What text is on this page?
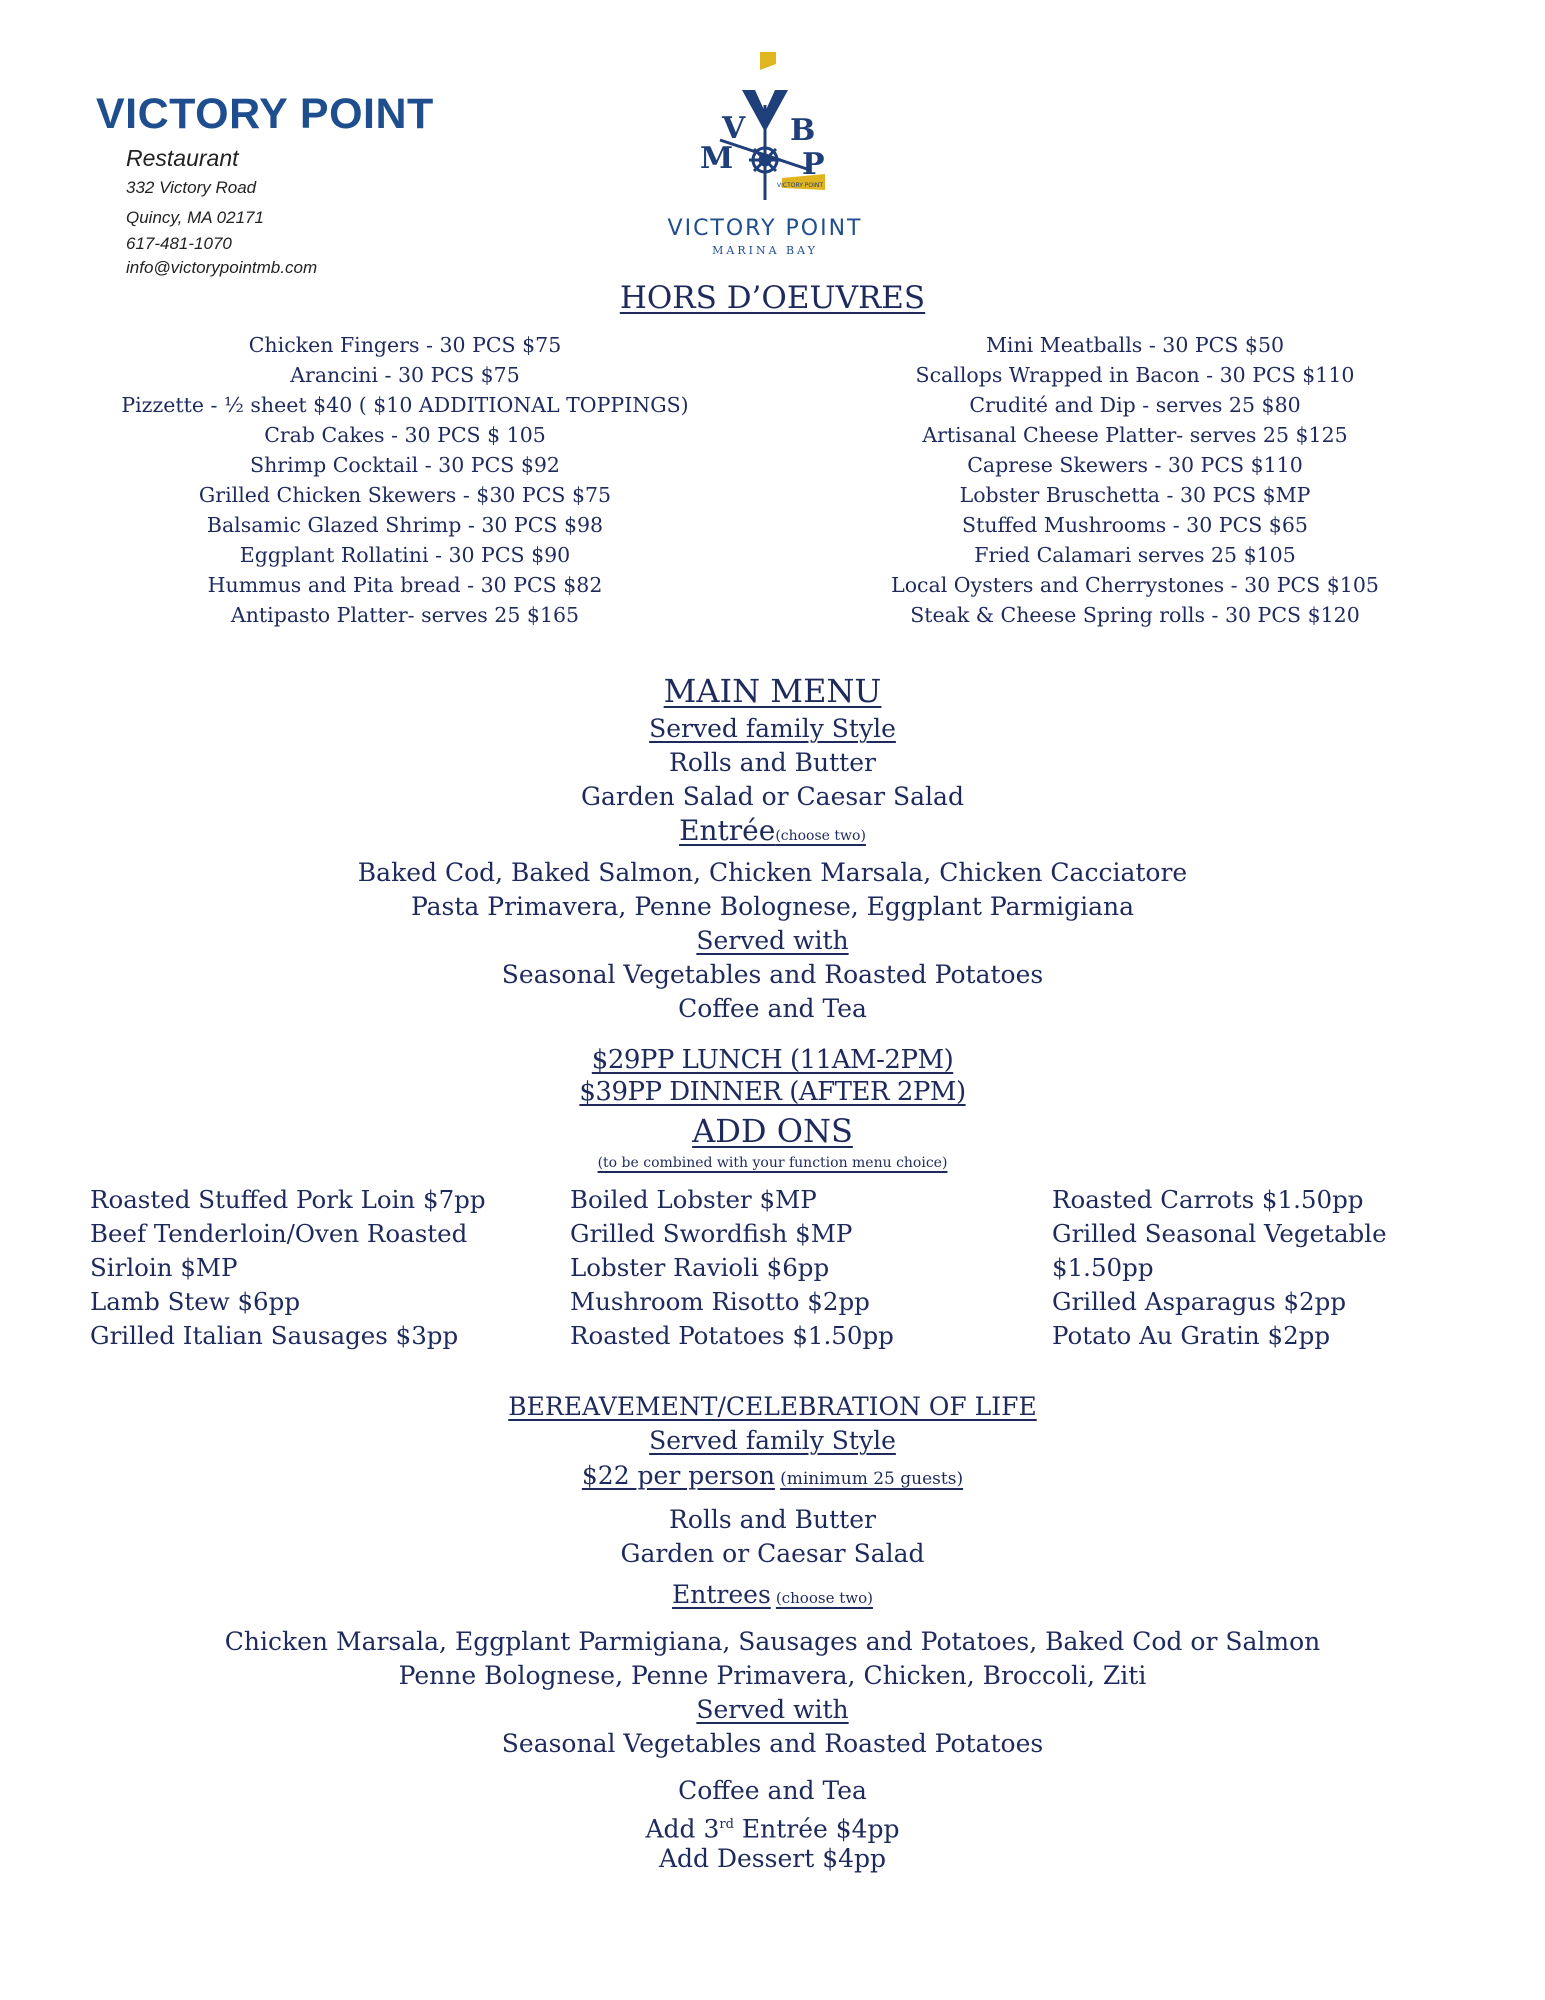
VICTORY POINT
Restaurant
332 Victory Road
Quincy, MA 02171
617-481-1070
info@victorypointmb.com
VICTORY POINT
V B
M P
VICTORY POINT
MARINA BAY
HORS D’OEUVRES
Chicken Fingers - 30 PCS $75
Arancini - 30 PCS $75
Pizzette - ½ sheet $40 ( $10 ADDITIONAL TOPPINGS)
Crab Cakes - 30 PCS $ 105
Shrimp Cocktail - 30 PCS $92
Grilled Chicken Skewers - $30 PCS $75
Balsamic Glazed Shrimp - 30 PCS $98
Eggplant Rollatini - 30 PCS $90
Hummus and Pita bread - 30 PCS $82
Antipasto Platter- serves 25 $165
Mini Meatballs - 30 PCS $50
Scallops Wrapped in Bacon - 30 PCS $110
Crudité and Dip - serves 25 $80
Artisanal Cheese Platter- serves 25 $125
Caprese Skewers - 30 PCS $110
Lobster Bruschetta - 30 PCS $MP
Stuffed Mushrooms - 30 PCS $65
Fried Calamari serves 25 $105
Local Oysters and Cherrystones - 30 PCS $105
Steak & Cheese Spring rolls - 30 PCS $120
MAIN MENU
Served family Style
Rolls and Butter
Garden Salad or Caesar Salad
Entrée(choose two)
Baked Cod, Baked Salmon, Chicken Marsala, Chicken Cacciatore
Pasta Primavera, Penne Bolognese, Eggplant Parmigiana
Served with
Seasonal Vegetables and Roasted Potatoes
Coffee and Tea
$29PP LUNCH (11AM-2PM)
$39PP DINNER (AFTER 2PM)
ADD ONS
(to be combined with your function menu choice)
Roasted Stuffed Pork Loin $7pp
Beef Tenderloin/Oven Roasted
Sirloin $MP
Lamb Stew $6pp
Grilled Italian Sausages $3pp
Boiled Lobster $MP
Grilled Swordfish $MP
Lobster Ravioli $6pp
Mushroom Risotto $2pp
Roasted Potatoes $1.50pp
Roasted Carrots $1.50pp
Grilled Seasonal Vegetable
$1.50pp
Grilled Asparagus $2pp
Potato Au Gratin $2pp
BEREAVEMENT/CELEBRATION OF LIFE
Served family Style
$22 per person (minimum 25 guests)
Rolls and Butter
Garden or Caesar Salad
Entrees (choose two)
Chicken Marsala, Eggplant Parmigiana, Sausages and Potatoes, Baked Cod or Salmon
Penne Bolognese, Penne Primavera, Chicken, Broccoli, Ziti
Served with
Seasonal Vegetables and Roasted Potatoes
Coffee and Tea
Add 3rd Entrée $4pp
Add Dessert $4pp
